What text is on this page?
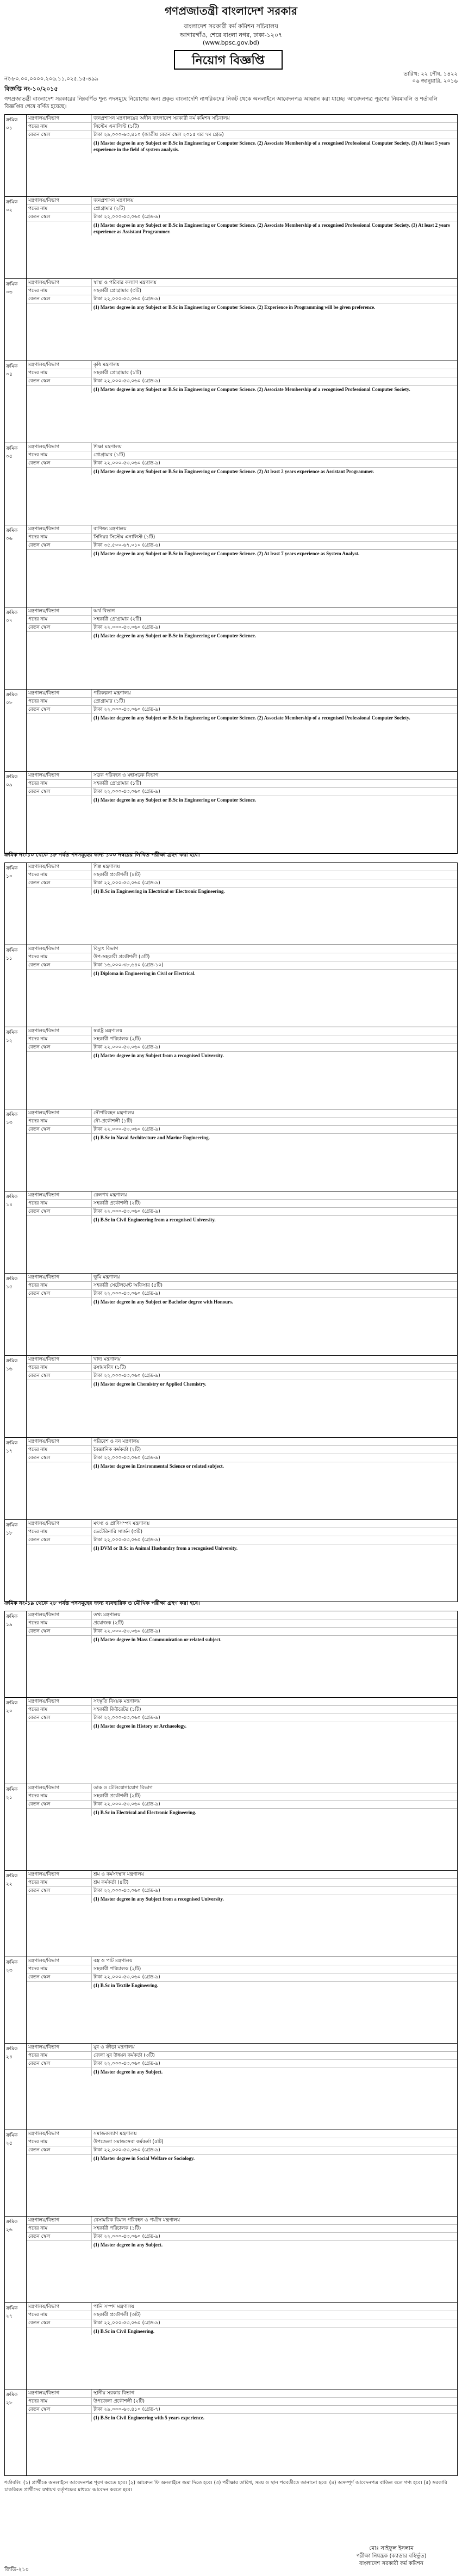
গণপ্রজাতন্ত্রী বাংলাদেশ সরকার
বাংলাদেশ সরকারী কর্ম কমিশন সচিবালয়
আগারগাঁও, শেরে বাংলা নগর, ঢাকা-১২০৭
(www.bpsc.gov.bd)
নিয়োগ বিজ্ঞপ্তি
তারিখ: ২২ পৌষ, ১৪২২
০৬ জানুয়ারি, ২০১৬
নং-৮০.০০.০০০০.২০৬.১১.০২৫.১৫-৪৯৯
বিজ্ঞপ্তি নং-১০/২০১৫
গণপ্রজাতন্ত্রী বাংলাদেশ সরকারের নিম্নবর্ণিত শূন্য পদসমূহে নিয়োগের জন্য প্রকৃত বাংলাদেশি নাগরিকদের নিকট থেকে অনলাইনে আবেদনপত্র আহ্বান করা যাচ্ছে। আবেদনপত্র পূরণের নিয়মাবলি ও শর্তাবলি বিজ্ঞপ্তির শেষে বর্ণিত হয়েছে।
ক্রমিক ০১
মন্ত্রণালয়/বিভাগ	জনপ্রশাসন মন্ত্রণালয়ের অধীন বাংলাদেশ সরকারী কর্ম কমিশন সচিবালয়
পদের নাম	সিস্টেম এনালিস্ট (১টি)
বেতন স্কেল	টাকা ২৯,০০০-৬৩,৪১০ (জাতীয় বেতন স্কেল ২০১৫ এর ৭ম গ্রেড)
(1) Master degree in any Subject or B.Sc in Engineering or Computer Science. (2) Associate Membership of a recognised Professional Computer Society. (3) At least 5 years experience in the field of system analysis.
ক্রমিক ০২
মন্ত্রণালয়/বিভাগ	জনপ্রশাসন মন্ত্রণালয়
পদের নাম	প্রোগ্রামার (২টি)
বেতন স্কেল	টাকা ২২,০০০-৫৩,০৬০ (গ্রেড-৯)
(1) Master degree in any Subject or B.Sc in Engineering or Computer Science. (2) Associate Membership of a recognised Professional Computer Society. (3) At least 2 years experience as Assistant Programmer.
ক্রমিক ০৩
মন্ত্রণালয়/বিভাগ	স্বাস্থ্য ও পরিবার কল্যাণ মন্ত্রণালয়
পদের নাম	সহকারী প্রোগ্রামার (৩টি)
বেতন স্কেল	টাকা ২২,০০০-৫৩,০৬০ (গ্রেড-৯)
(1) Master degree in any Subject or B.Sc in Engineering or Computer Science. (2) Experience in Programming will be given preference.
ক্রমিক ০৪
মন্ত্রণালয়/বিভাগ	কৃষি মন্ত্রণালয়
পদের নাম	সহকারী প্রোগ্রামার (১টি)
বেতন স্কেল	টাকা ২২,০০০-৫৩,০৬০ (গ্রেড-৯)
(1) Master degree in any Subject or B.Sc in Engineering or Computer Science. (2) Associate Membership of a recognised Professional Computer Society.
ক্রমিক ০৫
মন্ত্রণালয়/বিভাগ	শিক্ষা মন্ত্রণালয়
পদের নাম	প্রোগ্রামার (১টি)
বেতন স্কেল	টাকা ২২,০০০-৫৩,০৬০ (গ্রেড-৯)
(1) Master degree in any Subject or B.Sc in Engineering or Computer Science. (2) At least 2 years experience as Assistant Programmer.
ক্রমিক ০৬
মন্ত্রণালয়/বিভাগ	বাণিজ্য মন্ত্রণালয়
পদের নাম	সিনিয়র সিস্টেম এনালিস্ট (১টি)
বেতন স্কেল	টাকা ৩৫,৫০০-৬৭,০১০ (গ্রেড-৬)
(1) Master degree in any Subject or B.Sc in Engineering or Computer Science. (2) At least 7 years experience as System Analyst.
ক্রমিক ০৭
মন্ত্রণালয়/বিভাগ	অর্থ বিভাগ
পদের নাম	সহকারী প্রোগ্রামার (২টি)
বেতন স্কেল	টাকা ২২,০০০-৫৩,০৬০ (গ্রেড-৯)
(1) Master degree in any Subject or B.Sc in Engineering or Computer Science.
ক্রমিক ০৮
মন্ত্রণালয়/বিভাগ	পরিকল্পনা মন্ত্রণালয়
পদের নাম	প্রোগ্রামার (১টি)
বেতন স্কেল	টাকা ২২,০০০-৫৩,০৬০ (গ্রেড-৯)
(1) Master degree in any Subject or B.Sc in Engineering or Computer Science. (2) Associate Membership of a recognised Professional Computer Society.
ক্রমিক ০৯
মন্ত্রণালয়/বিভাগ	সড়ক পরিবহন ও মহাসড়ক বিভাগ
পদের নাম	সহকারী প্রোগ্রামার (১টি)
বেতন স্কেল	টাকা ২২,০০০-৫৩,০৬০ (গ্রেড-৯)
(1) Master degree in any Subject or B.Sc in Engineering or Computer Science.
ক্রমিক নং-১০ থেকে ১৮ পর্যন্ত পদসমূহের জন্য ১০০ নম্বরের লিখিত পরীক্ষা গ্রহণ করা হবে।
ক্রমিক ১০
মন্ত্রণালয়/বিভাগ	শিল্প মন্ত্রণালয়
পদের নাম	সহকারী প্রকৌশলী (৪টি)
বেতন স্কেল	টাকা ২২,০০০-৫৩,০৬০ (গ্রেড-৯)
(1) B.Sc in Engineering in Electrical or Electronic Engineering.
ক্রমিক ১১
মন্ত্রণালয়/বিভাগ	বিদ্যুৎ বিভাগ
পদের নাম	উপ-সহকারী প্রকৌশলী (৩টি)
বেতন স্কেল	টাকা ১৬,০০০-৩৮,৬৪০ (গ্রেড-১০)
(1) Diploma in Engineering in Civil or Electrical.
ক্রমিক ১২
মন্ত্রণালয়/বিভাগ	স্বরাষ্ট্র মন্ত্রণালয়
পদের নাম	সহকারী পরিচালক (২টি)
বেতন স্কেল	টাকা ২২,০০০-৫৩,০৬০ (গ্রেড-৯)
(1) Master degree in any Subject from a recognised University.
ক্রমিক ১৩
মন্ত্রণালয়/বিভাগ	নৌপরিবহন মন্ত্রণালয়
পদের নাম	নৌ-প্রকৌশলী (১টি)
বেতন স্কেল	টাকা ২২,০০০-৫৩,০৬০ (গ্রেড-৯)
(1) B.Sc in Naval Architecture and Marine Engineering.
ক্রমিক ১৪
মন্ত্রণালয়/বিভাগ	রেলপথ মন্ত্রণালয়
পদের নাম	সহকারী প্রকৌশলী (২টি)
বেতন স্কেল	টাকা ২২,০০০-৫৩,০৬০ (গ্রেড-৯)
(1) B.Sc in Civil Engineering from a recognised University.
ক্রমিক ১৫
মন্ত্রণালয়/বিভাগ	ভূমি মন্ত্রণালয়
পদের নাম	সহকারী সেটেলমেন্ট অফিসার (৫টি)
বেতন স্কেল	টাকা ২২,০০০-৫৩,০৬০ (গ্রেড-৯)
(1) Master degree in any Subject or Bachelor degree with Honours.
ক্রমিক ১৬
মন্ত্রণালয়/বিভাগ	খাদ্য মন্ত্রণালয়
পদের নাম	রসায়নবিদ (১টি)
বেতন স্কেল	টাকা ২২,০০০-৫৩,০৬০ (গ্রেড-৯)
(1) Master degree in Chemistry or Applied Chemistry.
ক্রমিক ১৭
মন্ত্রণালয়/বিভাগ	পরিবেশ ও বন মন্ত্রণালয়
পদের নাম	বৈজ্ঞানিক কর্মকর্তা (২টি)
বেতন স্কেল	টাকা ২২,০০০-৫৩,০৬০ (গ্রেড-৯)
(1) Master degree in Environmental Science or related subject.
ক্রমিক ১৮
মন্ত্রণালয়/বিভাগ	মৎস্য ও প্রাণিসম্পদ মন্ত্রণালয়
পদের নাম	ভেটেরিনারি সার্জন (৩টি)
বেতন স্কেল	টাকা ২২,০০০-৫৩,০৬০ (গ্রেড-৯)
(1) DVM or B.Sc in Animal Husbandry from a recognised University.
ক্রমিক নং-১৯ থেকে ২৮ পর্যন্ত পদসমূহের জন্য ব্যবহারিক ও মৌখিক পরীক্ষা গ্রহণ করা হবে।
ক্রমিক ১৯
মন্ত্রণালয়/বিভাগ	তথ্য মন্ত্রণালয়
পদের নাম	প্রযোজক (২টি)
বেতন স্কেল	টাকা ২২,০০০-৫৩,০৬০ (গ্রেড-৯)
(1) Master degree in Mass Communication or related subject.
ক্রমিক ২০
মন্ত্রণালয়/বিভাগ	সংস্কৃতি বিষয়ক মন্ত্রণালয়
পদের নাম	সহকারী কিউরেটর (১টি)
বেতন স্কেল	টাকা ২২,০০০-৫৩,০৬০ (গ্রেড-৯)
(1) Master degree in History or Archaeology.
ক্রমিক ২১
মন্ত্রণালয়/বিভাগ	ডাক ও টেলিযোগাযোগ বিভাগ
পদের নাম	সহকারী প্রকৌশলী (২টি)
বেতন স্কেল	টাকা ২২,০০০-৫৩,০৬০ (গ্রেড-৯)
(1) B.Sc in Electrical and Electronic Engineering.
ক্রমিক ২২
মন্ত্রণালয়/বিভাগ	শ্রম ও কর্মসংস্থান মন্ত্রণালয়
পদের নাম	শ্রম কর্মকর্তা (৪টি)
বেতন স্কেল	টাকা ২২,০০০-৫৩,০৬০ (গ্রেড-৯)
(1) Master degree in any Subject from a recognised University.
ক্রমিক ২৩
মন্ত্রণালয়/বিভাগ	বস্ত্র ও পাট মন্ত্রণালয়
পদের নাম	সহকারী পরিচালক (২টি)
বেতন স্কেল	টাকা ২২,০০০-৫৩,০৬০ (গ্রেড-৯)
(1) B.Sc in Textile Engineering.
ক্রমিক ২৪
মন্ত্রণালয়/বিভাগ	যুব ও ক্রীড়া মন্ত্রণালয়
পদের নাম	জেলা যুব উন্নয়ন কর্মকর্তা (৩টি)
বেতন স্কেল	টাকা ২২,০০০-৫৩,০৬০ (গ্রেড-৯)
(1) Master degree in any Subject.
ক্রমিক ২৫
মন্ত্রণালয়/বিভাগ	সমাজকল্যাণ মন্ত্রণালয়
পদের নাম	উপজেলা সমাজসেবা কর্মকর্তা (৫টি)
বেতন স্কেল	টাকা ২২,০০০-৫৩,০৬০ (গ্রেড-৯)
(1) Master degree in Social Welfare or Sociology.
ক্রমিক ২৬
মন্ত্রণালয়/বিভাগ	বেসামরিক বিমান পরিবহন ও পর্যটন মন্ত্রণালয়
পদের নাম	সহকারী পরিচালক (১টি)
বেতন স্কেল	টাকা ২২,০০০-৫৩,০৬০ (গ্রেড-৯)
(1) Master degree in any Subject.
ক্রমিক ২৭
মন্ত্রণালয়/বিভাগ	পানি সম্পদ মন্ত্রণালয়
পদের নাম	সহকারী প্রকৌশলী (৩টি)
বেতন স্কেল	টাকা ২২,০০০-৫৩,০৬০ (গ্রেড-৯)
(1) B.Sc in Civil Engineering.
ক্রমিক ২৮
মন্ত্রণালয়/বিভাগ	স্থানীয় সরকার বিভাগ
পদের নাম	উপজেলা প্রকৌশলী (২টি)
বেতন স্কেল	টাকা ২৯,০০০-৬৩,৪১০ (গ্রেড-৭)
(1) B.Sc in Civil Engineering with 5 years experience.
শর্তাবলি: (১) প্রার্থীকে অনলাইনে আবেদনপত্র পূরণ করতে হবে। (২) আবেদন ফি অনলাইনে জমা দিতে হবে। (৩) পরীক্ষার তারিখ, সময় ও স্থান পরবর্তীতে জানানো হবে। (৪) অসম্পূর্ণ আবেদনপত্র বাতিল বলে গণ্য হবে। (৫) সরকারি চাকরিরত প্রার্থীদের যথাযথ কর্তৃপক্ষের মাধ্যমে আবেদন করতে হবে।
মোঃ সাইফুল ইসলাম
পরীক্ষা নিয়ন্ত্রক (ক্যাডার বহির্ভূত)
বাংলাদেশ সরকারী কর্ম কমিশন
জিডি-২১০
